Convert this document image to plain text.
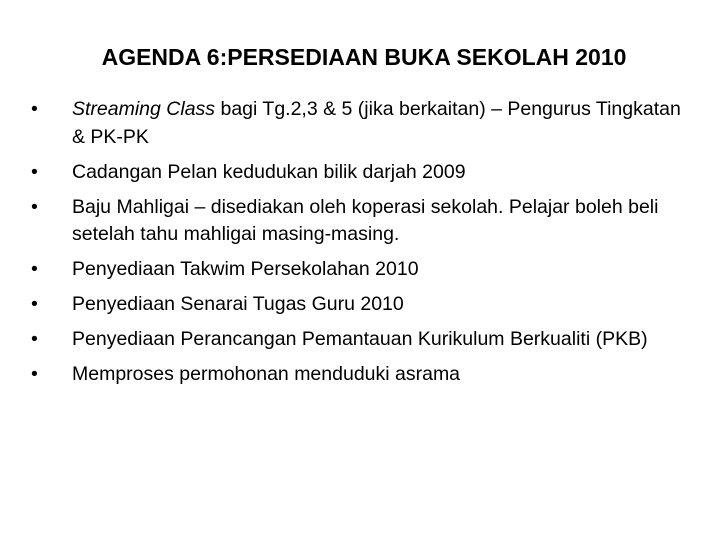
AGENDA 6:PERSEDIAAN BUKA SEKOLAH 2010
•	Streaming Class bagi Tg.2,3 & 5 (jika berkaitan) – Pengurus Tingkatan & PK-PK
•	Cadangan Pelan kedudukan bilik darjah 2009
•	Baju Mahligai – disediakan oleh koperasi sekolah. Pelajar boleh beli setelah tahu mahligai masing-masing.
•	Penyediaan Takwim Persekolahan 2010
•	Penyediaan Senarai Tugas Guru 2010
•	Penyediaan Perancangan Pemantauan Kurikulum Berkualiti (PKB)
•	Memproses permohonan menduduki asrama
